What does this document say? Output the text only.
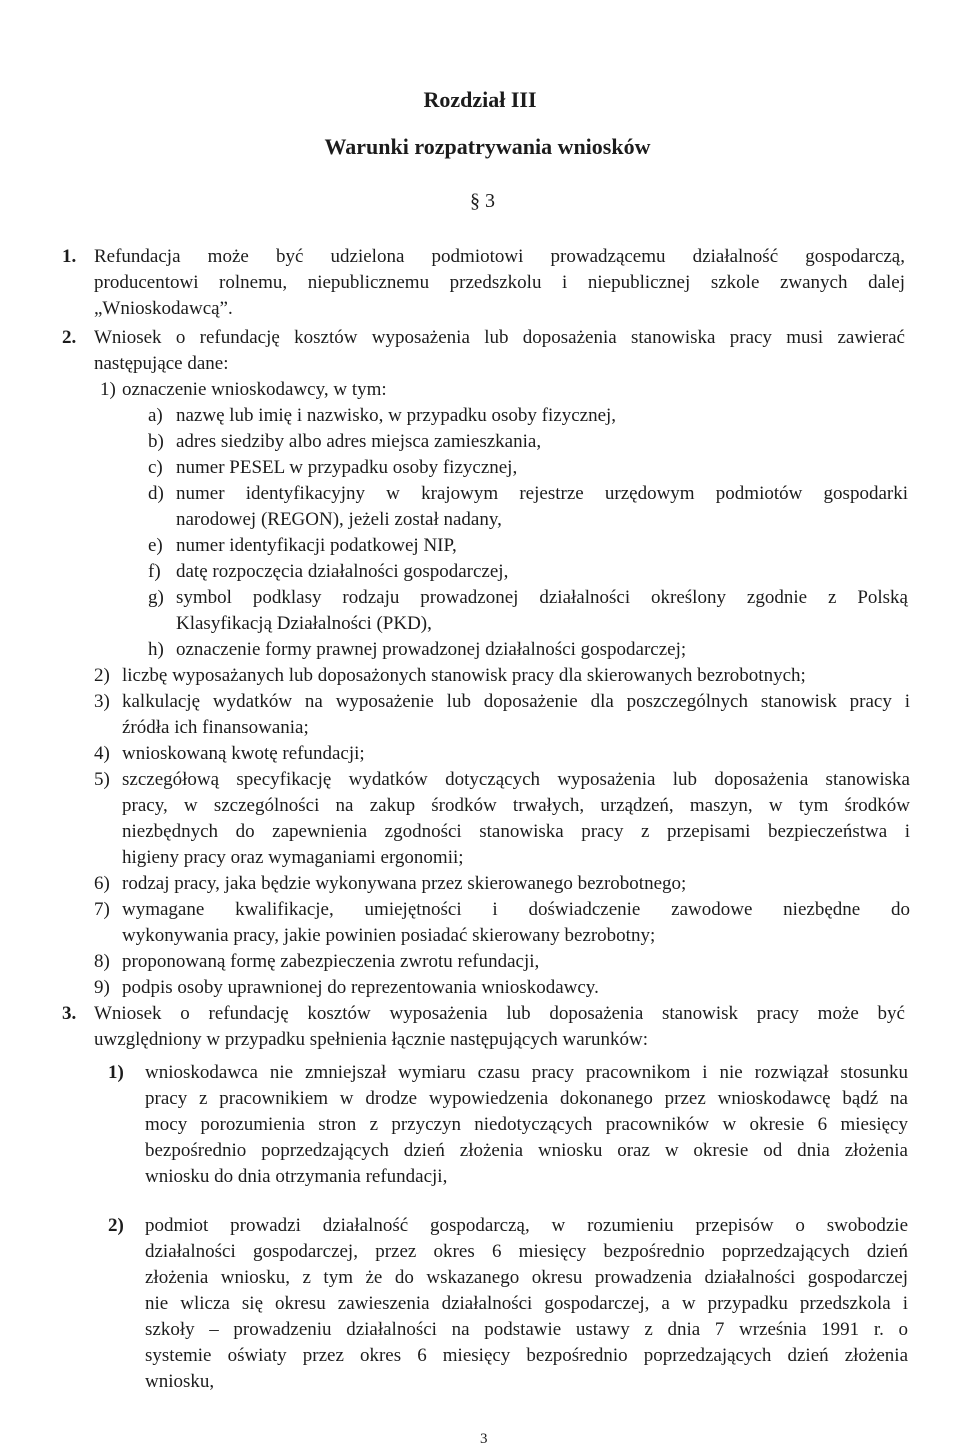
Rozdział III
Warunki rozpatrywania wniosków
§ 3
1. Refundacja może być udzielona podmiotowi prowadzącemu działalność gospodarczą,
producentowi rolnemu, niepublicznemu przedszkolu i niepublicznej szkole zwanych dalej
„Wnioskodawcą”.
2. Wniosek o refundację kosztów wyposażenia lub doposażenia stanowiska pracy musi zawierać
następujące dane:
1) oznaczenie wnioskodawcy, w tym:
a) nazwę lub imię i nazwisko, w przypadku osoby fizycznej,
b) adres siedziby albo adres miejsca zamieszkania,
c) numer PESEL w przypadku osoby fizycznej,
d) numer identyfikacyjny w krajowym rejestrze urzędowym podmiotów gospodarki
narodowej (REGON), jeżeli został nadany,
e) numer identyfikacji podatkowej NIP,
f) datę rozpoczęcia działalności gospodarczej,
g) symbol podklasy rodzaju prowadzonej działalności określony zgodnie z Polską
Klasyfikacją Działalności (PKD),
h) oznaczenie formy prawnej prowadzonej działalności gospodarczej;
2) liczbę wyposażanych lub doposażonych stanowisk pracy dla skierowanych bezrobotnych;
3) kalkulację wydatków na wyposażenie lub doposażenie dla poszczególnych stanowisk pracy i
źródła ich finansowania;
4) wnioskowaną kwotę refundacji;
5) szczegółową specyfikację wydatków dotyczących wyposażenia lub doposażenia stanowiska
pracy, w szczególności na zakup środków trwałych, urządzeń, maszyn, w tym środków
niezbędnych do zapewnienia zgodności stanowiska pracy z przepisami bezpieczeństwa i
higieny pracy oraz wymaganiami ergonomii;
6) rodzaj pracy, jaka będzie wykonywana przez skierowanego bezrobotnego;
7) wymagane kwalifikacje, umiejętności i doświadczenie zawodowe niezbędne do
wykonywania pracy, jakie powinien posiadać skierowany bezrobotny;
8) proponowaną formę zabezpieczenia zwrotu refundacji,
9) podpis osoby uprawnionej do reprezentowania wnioskodawcy.
3. Wniosek o refundację kosztów wyposażenia lub doposażenia stanowisk pracy może być
uwzględniony w przypadku spełnienia łącznie następujących warunków:
1) wnioskodawca nie zmniejszał wymiaru czasu pracy pracownikom i nie rozwiązał stosunku
pracy z pracownikiem w drodze wypowiedzenia dokonanego przez wnioskodawcę bądź na
mocy porozumienia stron z przyczyn niedotyczących pracowników w okresie 6 miesięcy
bezpośrednio poprzedzających dzień złożenia wniosku oraz w okresie od dnia złożenia
wniosku do dnia otrzymania refundacji,
2) podmiot prowadzi działalność gospodarczą, w rozumieniu przepisów o swobodzie
działalności gospodarczej, przez okres 6 miesięcy bezpośrednio poprzedzających dzień
złożenia wniosku, z tym że do wskazanego okresu prowadzenia działalności gospodarczej
nie wlicza się okresu zawieszenia działalności gospodarczej, a w przypadku przedszkola i
szkoły – prowadzeniu działalności na podstawie ustawy z dnia 7 września 1991 r. o
systemie oświaty przez okres 6 miesięcy bezpośrednio poprzedzających dzień złożenia
wniosku,
3
